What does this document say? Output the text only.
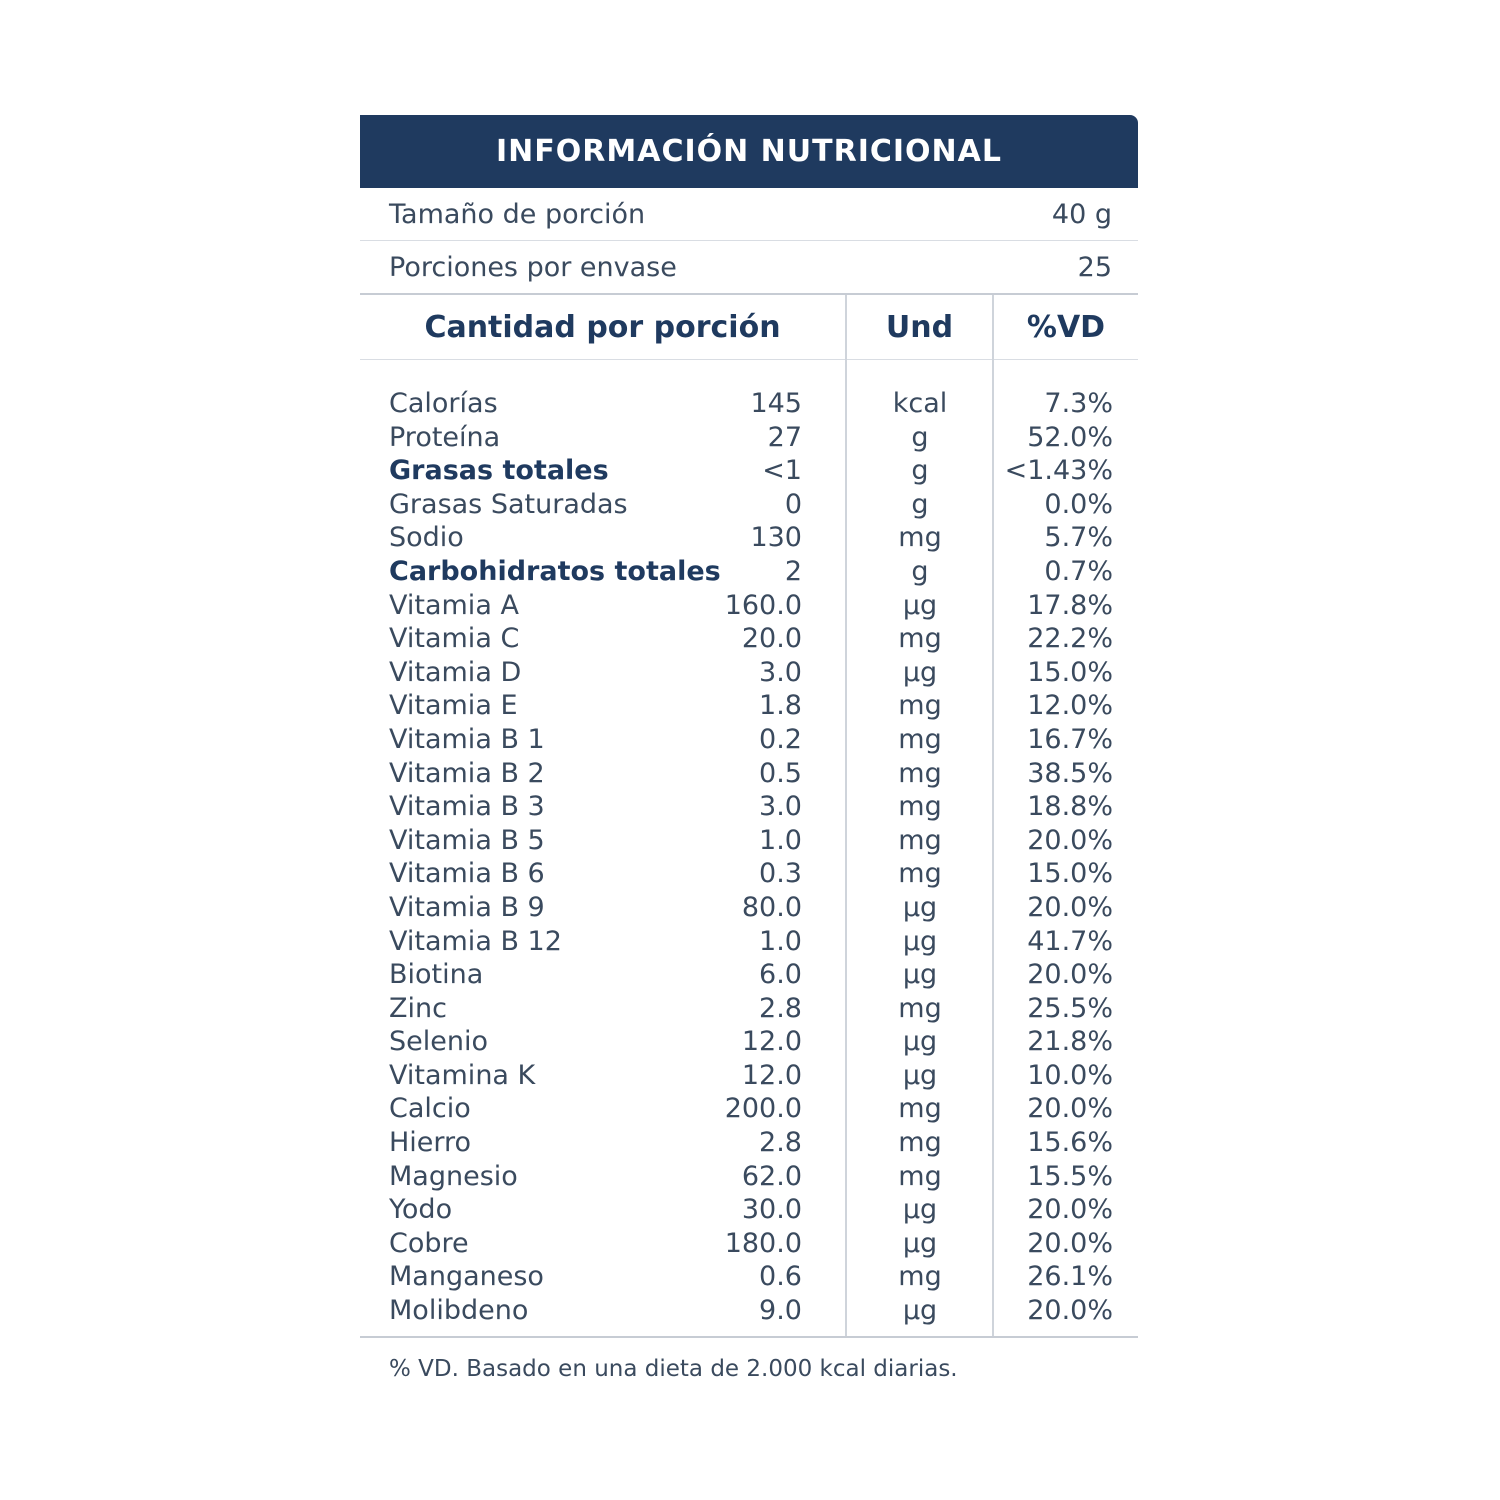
INFORMACIÓN NUTRICIONAL
Tamaño de porción	40 g
Porciones por envase	25
Cantidad por porción	Und	%VD
Calorías	145	kcal	7.3%
Proteína	27	g	52.0%
Grasas totales	<1	g	<1.43%
Grasas Saturadas	0	g	0.0%
Sodio	130	mg	5.7%
Carbohidratos totales 2	g	0.7%
Vitamia A	160.0	µg	17.8%
Vitamia C	20.0	mg	22.2%
Vitamia D	3.0	µg	15.0%
Vitamia E	1.8	mg	12.0%
Vitamia B 1	0.2	mg	16.7%
Vitamia B 2	0.5	mg	38.5%
Vitamia B 3	3.0	mg	18.8%
Vitamia B 5	1.0	mg	20.0%
Vitamia B 6	0.3	mg	15.0%
Vitamia B 9	80.0	µg	20.0%
Vitamia B 12	1.0	µg	41.7%
Biotina	6.0	µg	20.0%
Zinc	2.8	mg	25.5%
Selenio	12.0	µg	21.8%
Vitamina K	12.0	µg	10.0%
Calcio	200.0	mg	20.0%
Hierro	2.8	mg	15.6%
Magnesio	62.0	mg	15.5%
Yodo	30.0	µg	20.0%
Cobre	180.0	µg	20.0%
Manganeso	0.6	mg	26.1%
Molibdeno	9.0	µg	20.0%
% VD. Basado en una dieta de 2.000 kcal diarias.
